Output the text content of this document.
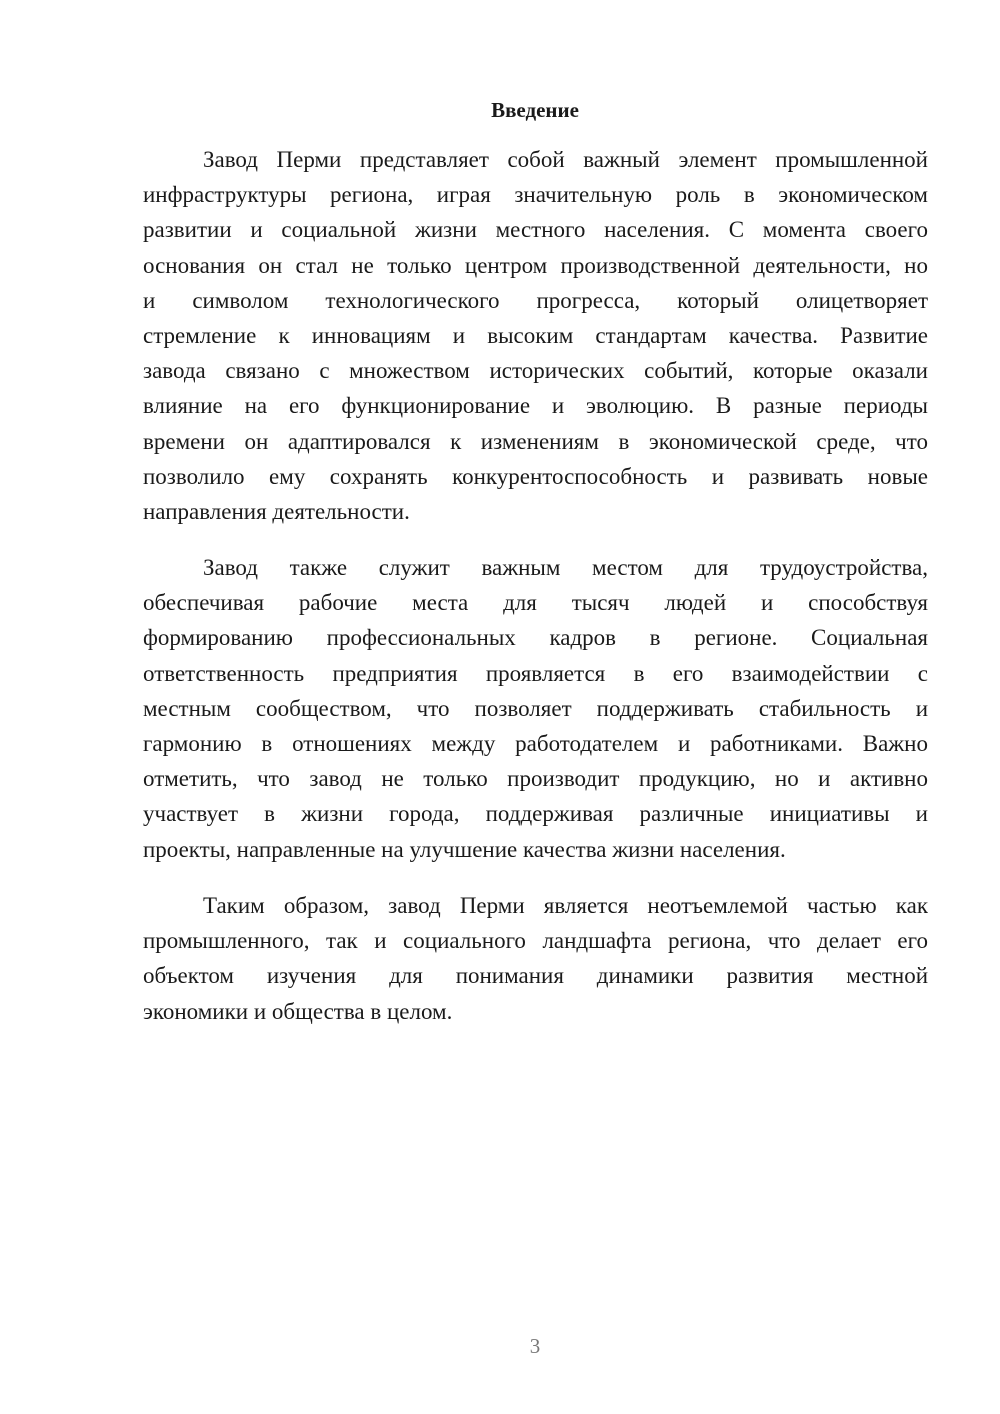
Введение
Завод Перми представляет собой важный элемент промышленной
инфраструктуры региона, играя значительную роль в экономическом
развитии и социальной жизни местного населения. С момента своего
основания он стал не только центром производственной деятельности, но
и символом технологического прогресса, который олицетворяет
стремление к инновациям и высоким стандартам качества. Развитие
завода связано с множеством исторических событий, которые оказали
влияние на его функционирование и эволюцию. В разные периоды
времени он адаптировался к изменениям в экономической среде, что
позволило ему сохранять конкурентоспособность и развивать новые
направления деятельности.
Завод также служит важным местом для трудоустройства,
обеспечивая рабочие места для тысяч людей и способствуя
формированию профессиональных кадров в регионе. Социальная
ответственность предприятия проявляется в его взаимодействии с
местным сообществом, что позволяет поддерживать стабильность и
гармонию в отношениях между работодателем и работниками. Важно
отметить, что завод не только производит продукцию, но и активно
участвует в жизни города, поддерживая различные инициативы и
проекты, направленные на улучшение качества жизни населения.
Таким образом, завод Перми является неотъемлемой частью как
промышленного, так и социального ландшафта региона, что делает его
объектом изучения для понимания динамики развития местной
экономики и общества в целом.
3
